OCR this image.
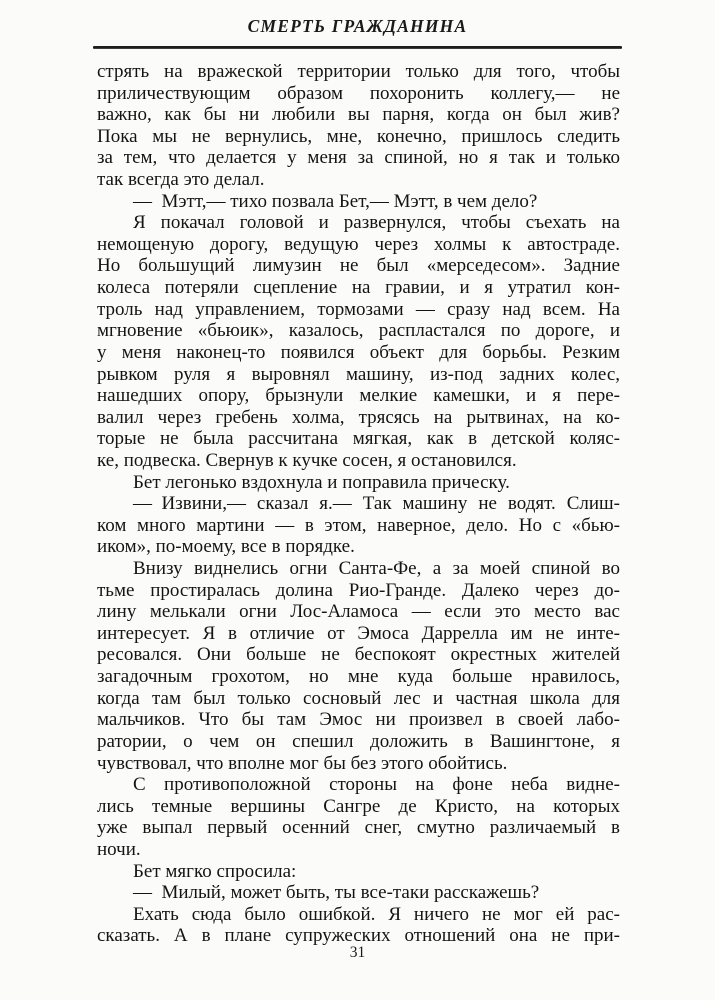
СМЕРТЬ ГРАЖДАНИНА
стрять на вражеской территории только для того, чтобы
приличествующим образом похоронить коллегу,— не
важно, как бы ни любили вы парня, когда он был жив?
Пока мы не вернулись, мне, конечно, пришлось следить
за тем, что делается у меня за спиной, но я так и только
так всегда это делал.
— Мэтт,— тихо позвала Бет,— Мэтт, в чем дело?
Я покачал головой и развернулся, чтобы съехать на
немощеную дорогу, ведущую через холмы к автостраде.
Но большущий лимузин не был «мерседесом». Задние
колеса потеряли сцепление на гравии, и я утратил кон-
троль над управлением, тормозами — сразу над всем. На
мгновение «бьюик», казалось, распластался по дороге, и
у меня наконец-то появился объект для борьбы. Резким
рывком руля я выровнял машину, из-под задних колес,
нашедших опору, брызнули мелкие камешки, и я пере-
валил через гребень холма, трясясь на рытвинах, на ко-
торые не была рассчитана мягкая, как в детской коляс-
ке, подвеска. Свернув к кучке сосен, я остановился.
Бет легонько вздохнула и поправила прическу.
— Извини,— сказал я.— Так машину не водят. Слиш-
ком много мартини — в этом, наверное, дело. Но с «бью-
иком», по-моему, все в порядке.
Внизу виднелись огни Санта-Фе, а за моей спиной во
тьме простиралась долина Рио-Гранде. Далеко через до-
лину мелькали огни Лос-Аламоса — если это место вас
интересует. Я в отличие от Эмоса Даррелла им не инте-
ресовался. Они больше не беспокоят окрестных жителей
загадочным грохотом, но мне куда больше нравилось,
когда там был только сосновый лес и частная школа для
мальчиков. Что бы там Эмос ни произвел в своей лабо-
ратории, о чем он спешил доложить в Вашингтоне, я
чувствовал, что вполне мог бы без этого обойтись.
С противоположной стороны на фоне неба видне-
лись темные вершины Сангре де Кристо, на которых
уже выпал первый осенний снег, смутно различаемый в
ночи.
Бет мягко спросила:
— Милый, может быть, ты все-таки расскажешь?
Ехать сюда было ошибкой. Я ничего не мог ей рас-
сказать. А в плане супружеских отношений она не при-
31
